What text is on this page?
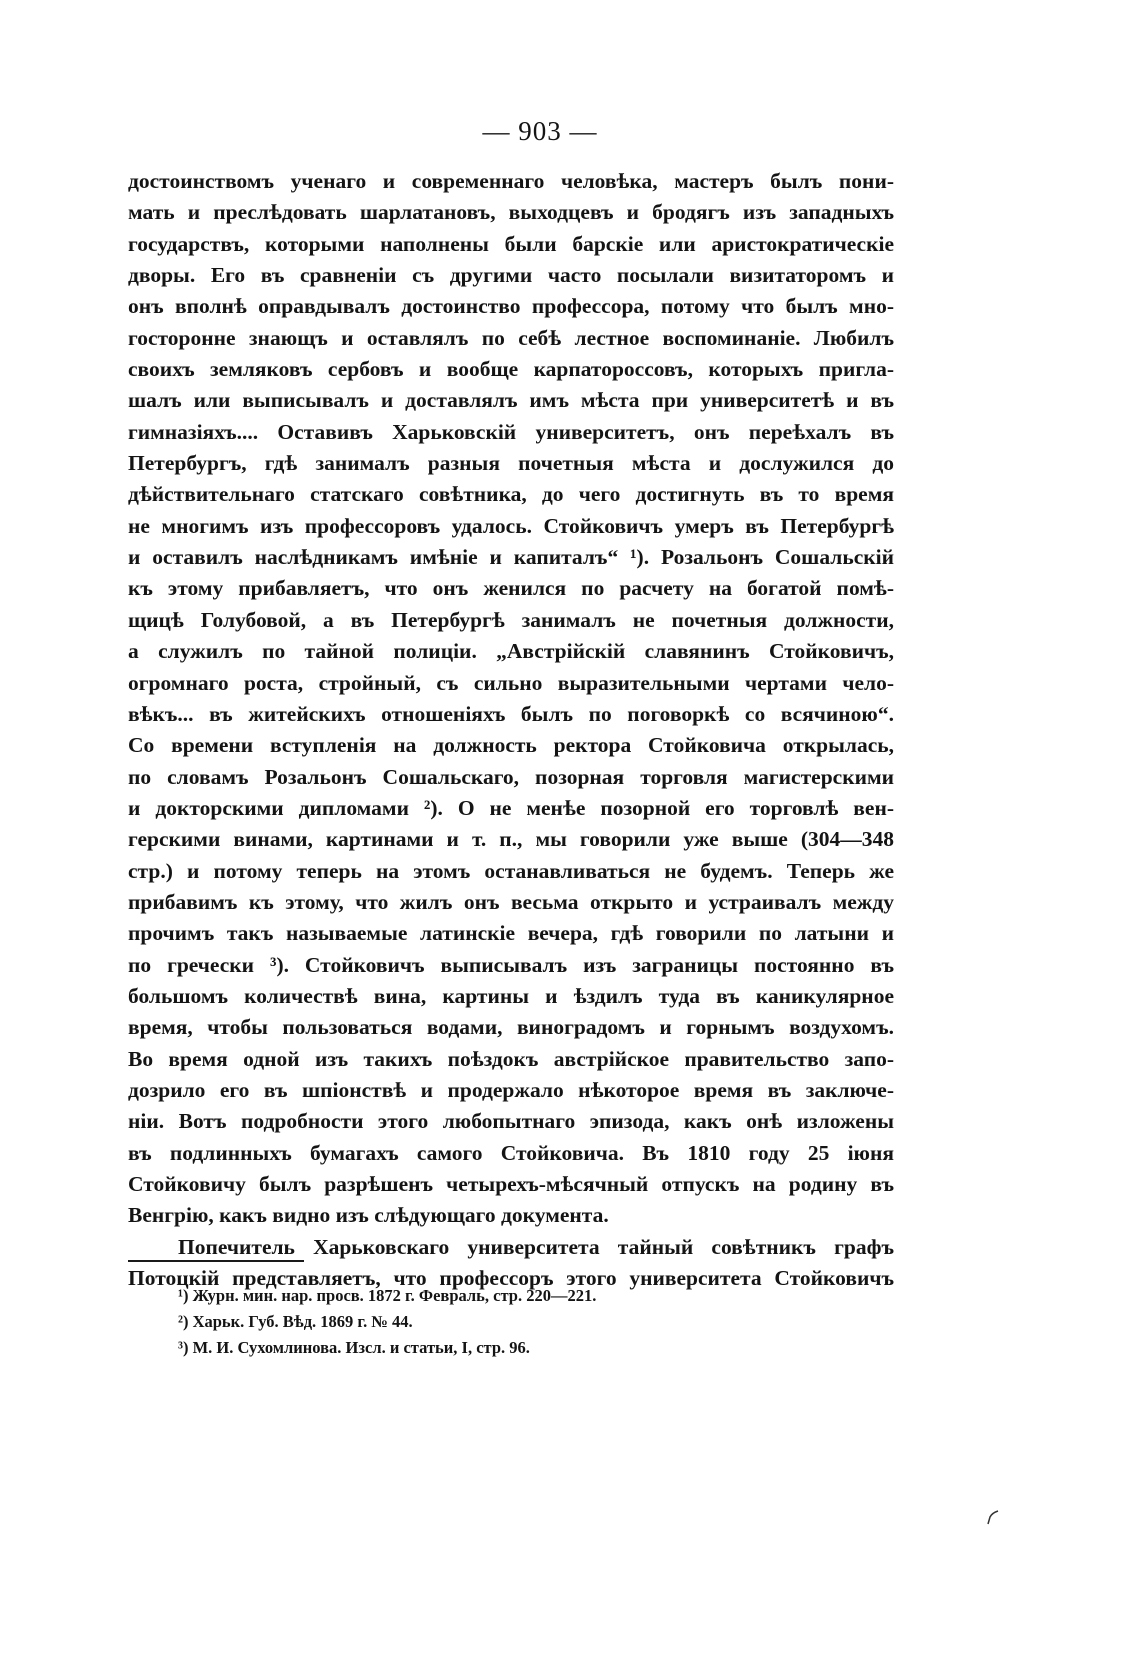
— 903 —
достоинствомъ ученаго и современнаго человѣка, мастеръ былъ пони-
мать и преслѣдовать шарлатановъ, выходцевъ и бродягъ изъ западныхъ
государствъ, которыми наполнены были барскіе или аристократическіе
дворы. Его въ сравненіи съ другими часто посылали визитаторомъ и
онъ вполнѣ оправдывалъ достоинство профессора, потому что былъ мно-
госторонне знающъ и оставлялъ по себѣ лестное воспоминаніе. Любилъ
своихъ земляковъ сербовъ и вообще карпатороссовъ, которыхъ пригла-
шалъ или выписывалъ и доставлялъ имъ мѣста при университетѣ и въ
гимназіяхъ.... Оставивъ Харьковскій университетъ, онъ переѣхалъ въ
Петербургъ, гдѣ занималъ разныя почетныя мѣста и дослужился до
дѣйствительнаго статскаго совѣтника, до чего достигнуть въ то время
не многимъ изъ профессоровъ удалось. Стойковичъ умеръ въ Петербургѣ
и оставилъ наслѣдникамъ имѣніе и капиталъ“ ¹). Розальонъ Сошальскій
къ этому прибавляетъ, что онъ женился по расчету на богатой помѣ-
щицѣ Голубовой, а въ Петербургѣ занималъ не почетныя должности,
а служилъ по тайной полиціи. „Австрійскій славянинъ Стойковичъ,
огромнаго роста, стройный, съ сильно выразительными чертами чело-
вѣкъ... въ житейскихъ отношеніяхъ былъ по поговоркѣ со всячиною“.
Со времени вступленія на должность ректора Стойковича открылась,
по словамъ Розальонъ Сошальскаго, позорная торговля магистерскими
и докторскими дипломами ²). О не менѣе позорной его торговлѣ вен-
герскими винами, картинами и т. п., мы говорили уже выше (304—348
стр.) и потому теперь на этомъ останавливаться не будемъ. Теперь же
прибавимъ къ этому, что жилъ онъ весьма открыто и устраивалъ между
прочимъ такъ называемые латинскіе вечера, гдѣ говорили по латыни и
по гречески ³). Стойковичъ выписывалъ изъ заграницы постоянно въ
большомъ количествѣ вина, картины и ѣздилъ туда въ каникулярное
время, чтобы пользоваться водами, виноградомъ и горнымъ воздухомъ.
Во время одной изъ такихъ поѣздокъ австрійское правительство запо-
дозрило его въ шпіонствѣ и продержало нѣкоторое время въ заключе-
ніи. Вотъ подробности этого любопытнаго эпизода, какъ онѣ изложены
въ подлинныхъ бумагахъ самого Стойковича. Въ 1810 году 25 іюня
Стойковичу былъ разрѣшенъ четырехъ-мѣсячный отпускъ на родину въ
Венгрію, какъ видно изъ слѣдующаго документа.
Попечитель Харьковскаго университета тайный совѣтникъ графъ
Потоцкій представляетъ, что профессоръ этого университета Стойковичъ
¹) Журн. мин. нар. просв. 1872 г. Февраль, стр. 220—221.
²) Харьк. Губ. Вѣд. 1869 г. № 44.
³) М. И. Сухомлинова. Изсл. и статьи, I, стр. 96.
